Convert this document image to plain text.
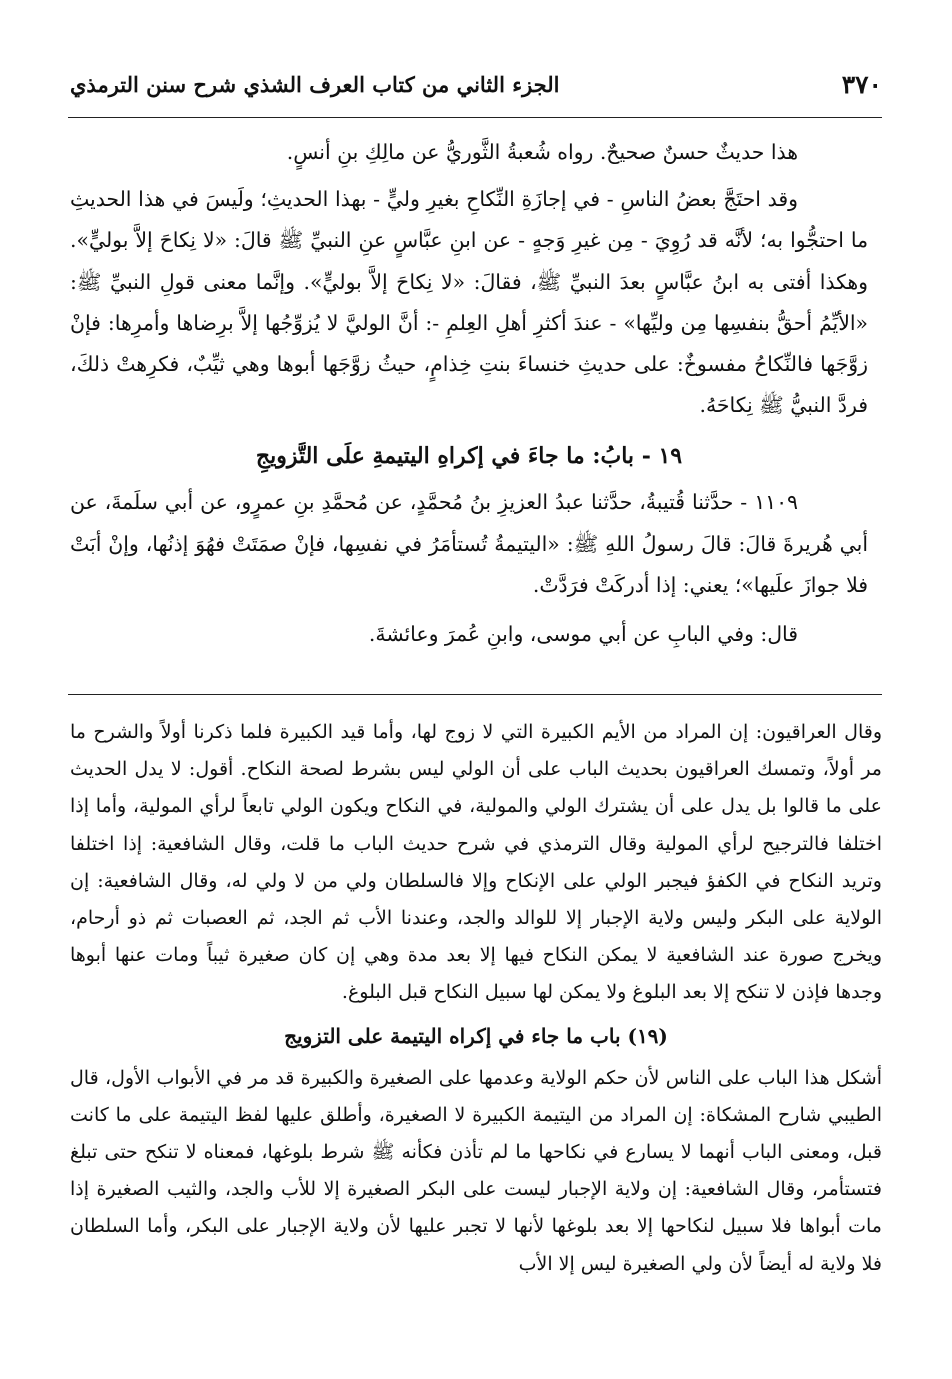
٣٧٠
الجزء الثاني من كتاب العرف الشذي شرح سنن الترمذي

هذا حديثٌ حسنٌ صحيحٌ. رواه شُعبةُ الثَّوريُّ عن مالِكِ بنِ أنسٍ.

وقد احتَجَّ بعضُ الناسِ - في إجازَةِ النِّكاحِ بغيرِ وليٍّ - بهذا الحديثِ؛ ولَيسَ في هذا الحديثِ ما احتجُّوا به؛ لأنَّه قد رُوِيَ - مِن غيرِ وَجهٍ - عن ابنِ عبَّاسٍ عنِ النبيِّ ﷺ قالَ: «لا نِكاحَ إلاَّ بوليٍّ». وهكذا أفتى به ابنُ عبَّاسٍ بعدَ النبيِّ ﷺ، فقالَ: «لا نِكاحَ إلاَّ بوليٍّ». وإنَّما معنى قولِ النبيِّ ﷺ: «الأيِّمُ أحقُّ بنفسِها مِن وليِّها» - عندَ أكثرِ أهلِ العِلمِ -: أنَّ الوليَّ لا يُزوِّجُها إلاَّ برِضاها وأمرِها: فإنْ زوَّجَها فالنِّكاحُ مفسوخٌ: على حديثِ خنساءَ بنتِ خِذامٍ، حيثُ زوَّجَها أبوها وهي ثيِّبٌ، فكرِهتْ ذلكَ، فردَّ النبيُّ ﷺ نِكاحَهُ.

١٩ - بابُ: ما جاءَ في إكراهِ اليتيمةِ علَى التَّزويجِ

١١٠٩ - حدَّثنا قُتيبةُ، حدَّثنا عبدُ العزيزِ بنُ مُحمَّدٍ، عن مُحمَّدِ بنِ عمرٍو، عن أبي سلَمةَ، عن أبي هُريرةَ قالَ: قالَ رسولُ اللهِ ﷺ: «اليتيمةُ تُستأمَرُ في نفسِها، فإنْ صمَتَتْ فهُوَ إذنُها، وإنْ أبَتْ فلا جوازَ علَيها»؛ يعني: إذا أدركَتْ فرَدَّتْ.

قال: وفي البابِ عن أبي موسى، وابنِ عُمرَ وعائشةَ.

وقال العراقيون: إن المراد من الأيم الكبيرة التي لا زوج لها، وأما قيد الكبيرة فلما ذكرنا أولاً والشرح ما مر أولاً، وتمسك العراقيون بحديث الباب على أن الولي ليس بشرط لصحة النكاح. أقول: لا يدل الحديث على ما قالوا بل يدل على أن يشترك الولي والمولية، في النكاح ويكون الولي تابعاً لرأي المولية، وأما إذا اختلفا فالترجيح لرأي المولية وقال الترمذي في شرح حديث الباب ما قلت، وقال الشافعية: إذا اختلفا وتريد النكاح في الكفؤ فيجبر الولي على الإنكاح وإلا فالسلطان ولي من لا ولي له، وقال الشافعية: إن الولاية على البكر وليس ولاية الإجبار إلا للوالد والجد، وعندنا الأب ثم الجد، ثم العصبات ثم ذو أرحام، ويخرج صورة عند الشافعية لا يمكن النكاح فيها إلا بعد مدة وهي إن كان صغيرة ثيباً ومات عنها أبوها وجدها فإذن لا تنكح إلا بعد البلوغ ولا يمكن لها سبيل النكاح قبل البلوغ.

(١٩) باب ما جاء في إكراه اليتيمة على التزويج

أشكل هذا الباب على الناس لأن حكم الولاية وعدمها على الصغيرة والكبيرة قد مر في الأبواب الأول، قال الطيبي شارح المشكاة: إن المراد من اليتيمة الكبيرة لا الصغيرة، وأطلق عليها لفظ اليتيمة على ما كانت قبل، ومعنى الباب أنهما لا يسارع في نكاحها ما لم تأذن فكأنه ﷺ شرط بلوغها، فمعناه لا تنكح حتى تبلغ فتستأمر، وقال الشافعية: إن ولاية الإجبار ليست على البكر الصغيرة إلا للأب والجد، والثيب الصغيرة إذا مات أبواها فلا سبيل لنكاحها إلا بعد بلوغها لأنها لا تجبر عليها لأن ولاية الإجبار على البكر، وأما السلطان فلا ولاية له أيضاً لأن ولي الصغيرة ليس إلا الأب
